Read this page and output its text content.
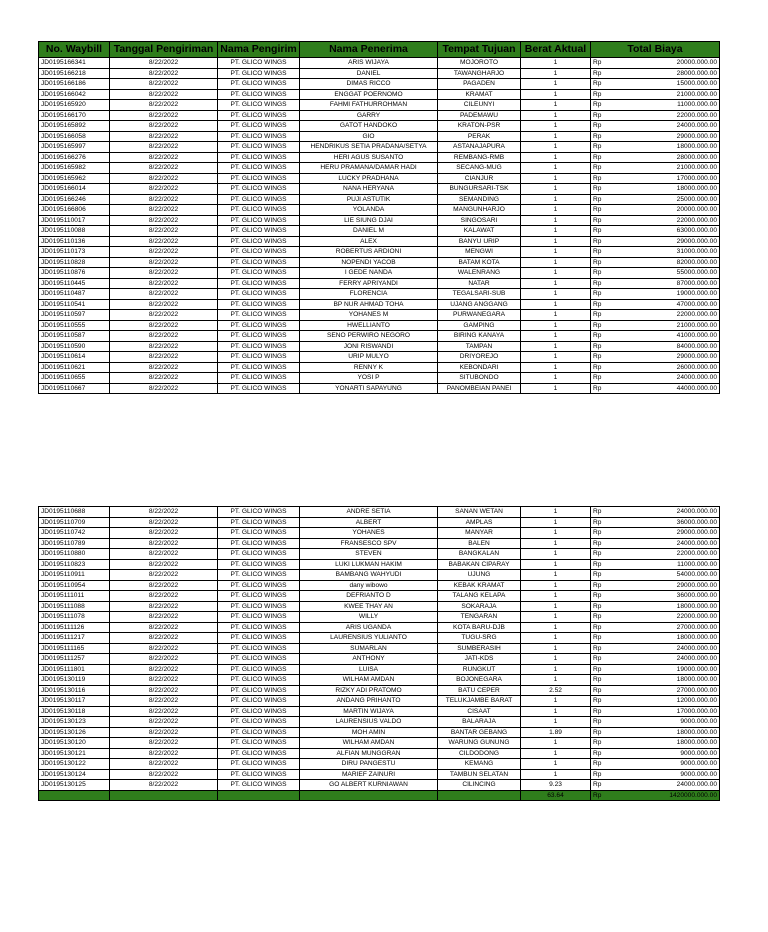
No. Waybill	Tanggal Pengiriman	Nama Pengirim	Nama Penerima	Tempat Tujuan	Berat Aktual	Total Biaya	
JD0195166341	8/22/2022	PT. GLICO WINGS	ARIS WIJAYA	MOJOROTO	1	Rp	20000.000.00
JD0195166218	8/22/2022	PT. GLICO WINGS	DANIEL	TAWANGHARJO	1	Rp	28000.000.00
JD0195166186	8/22/2022	PT. GLICO WINGS	DIMAS RICCO	PAGADEN	1	Rp	15000.000.00
JD0195166042	8/22/2022	PT. GLICO WINGS	ENGGAT POERNOMO	KRAMAT	1	Rp	21000.000.00
JD0195165920	8/22/2022	PT. GLICO WINGS	FAHMI FATHURROHMAN	CILEUNYI	1	Rp	11000.000.00
JD0195166170	8/22/2022	PT. GLICO WINGS	GARRY	PADEMAWU	1	Rp	22000.000.00
JD0195165892	8/22/2022	PT. GLICO WINGS	GATOT HANDOKO	KRATON-PSR	1	Rp	24000.000.00
JD0195166058	8/22/2022	PT. GLICO WINGS	GIO	PERAK	1	Rp	29000.000.00
JD0195165997	8/22/2022	PT. GLICO WINGS	HENDRIKUS SETIA PRADANA/SETYA	ASTANAJAPURA	1	Rp	18000.000.00
JD0195166276	8/22/2022	PT. GLICO WINGS	HERI AGUS SUSANTO	REMBANG-RMB	1	Rp	28000.000.00
JD0195165982	8/22/2022	PT. GLICO WINGS	HERU PRAMANA/DAMAR HADI	SECANG-MUG	1	Rp	21000.000.00
JD0195165962	8/22/2022	PT. GLICO WINGS	LUCKY PRADHANA	CIANJUR	1	Rp	17000.000.00
JD0195166014	8/22/2022	PT. GLICO WINGS	NANA HERYANA	BUNGURSARI-TSK	1	Rp	18000.000.00
JD0195166246	8/22/2022	PT. GLICO WINGS	PUJI ASTUTIK	SEMANDING	1	Rp	25000.000.00
JD0195166806	8/22/2022	PT. GLICO WINGS	YOLANDA	MANGUNHARJO	1	Rp	20000.000.00
JD0195110017	8/22/2022	PT. GLICO WINGS	LIE SIUNG DJAI	SINGOSARI	1	Rp	22000.000.00
JD0195110088	8/22/2022	PT. GLICO WINGS	DANIEL M	KALAWAT	1	Rp	63000.000.00
JD0195110136	8/22/2022	PT. GLICO WINGS	ALEX	BANYU URIP	1	Rp	29000.000.00
JD0195110173	8/22/2022	PT. GLICO WINGS	ROBERTUS ARDIONI	MENGWI	1	Rp	31000.000.00
JD0195110828	8/22/2022	PT. GLICO WINGS	NOPENDI YACOB	BATAM KOTA	1	Rp	82000.000.00
JD0195110876	8/22/2022	PT. GLICO WINGS	I GEDE NANDA	WALENRANG	1	Rp	55000.000.00
JD0195110445	8/22/2022	PT. GLICO WINGS	FERRY APRIYANDI	NATAR	1	Rp	87000.000.00
JD0195110487	8/22/2022	PT. GLICO WINGS	FLORENCIA	TEGALSARI-SUB	1	Rp	19000.000.00
JD0195110541	8/22/2022	PT. GLICO WINGS	BP NUR AHMAD TOHA	UJANG ANGGANG	1	Rp	47000.000.00
JD0195110597	8/22/2022	PT. GLICO WINGS	YOHANES M	PURWANEGARA	1	Rp	22000.000.00
JD0195110555	8/22/2022	PT. GLICO WINGS	HWELLIANTO	GAMPING	1	Rp	21000.000.00
JD0195110587	8/22/2022	PT. GLICO WINGS	SENO PERWIRO NEGORO	BIRING KANAYA	1	Rp	41000.000.00
JD0195110590	8/22/2022	PT. GLICO WINGS	JONI RISWANDI	TAMPAN	1	Rp	84000.000.00
JD0195110614	8/22/2022	PT. GLICO WINGS	URIP MULYO	DRIYOREJO	1	Rp	29000.000.00
JD0195110621	8/22/2022	PT. GLICO WINGS	RENNY K	KEBONDARI	1	Rp	26000.000.00
JD0195110655	8/22/2022	PT. GLICO WINGS	YOSI P	SITUBONDO	1	Rp	24000.000.00
JD0195110667	8/22/2022	PT. GLICO WINGS	YONARTI SAPAYUNG	PANOMBEIAN PANEI	1	Rp	44000.000.00
JD0195110688	8/22/2022	PT. GLICO WINGS	ANDRE SETIA	SANAN WETAN	1	Rp	24000.000.00
JD0195110709	8/22/2022	PT. GLICO WINGS	ALBERT	AMPLAS	1	Rp	36000.000.00
JD0195110742	8/22/2022	PT. GLICO WINGS	YOHANES	MANYAR	1	Rp	29000.000.00
JD0195110789	8/22/2022	PT. GLICO WINGS	FRANSESCO SPV	BALEN	1	Rp	24000.000.00
JD0195110880	8/22/2022	PT. GLICO WINGS	STEVEN	BANGKALAN	1	Rp	22000.000.00
JD0195110823	8/22/2022	PT. GLICO WINGS	LUKI LUKMAN HAKIM	BABAKAN CIPARAY	1	Rp	11000.000.00
JD0195110911	8/22/2022	PT. GLICO WINGS	BAMBANG WAHYUDI	UJUNG	1	Rp	54000.000.00
JD0195110954	8/22/2022	PT. GLICO WINGS	dany wibowo	KEBAK KRAMAT	1	Rp	29000.000.00
JD0195111011	8/22/2022	PT. GLICO WINGS	DEFRIANTO D	TALANG KELAPA	1	Rp	36000.000.00
JD0195111088	8/22/2022	PT. GLICO WINGS	KWEE THAY AN	SOKARAJA	1	Rp	18000.000.00
JD0195111078	8/22/2022	PT. GLICO WINGS	WILLY	TENGARAN	1	Rp	22000.000.00
JD0195111126	8/22/2022	PT. GLICO WINGS	ARIS UGANDA	KOTA BARU-DJB	1	Rp	27000.000.00
JD0195111217	8/22/2022	PT. GLICO WINGS	LAURENSIUS YULIANTO	TUGU-SRG	1	Rp	18000.000.00
JD0195111165	8/22/2022	PT. GLICO WINGS	SUMARLAN	SUMBERASIH	1	Rp	24000.000.00
JD0195111257	8/22/2022	PT. GLICO WINGS	ANTHONY	JATI-KDS	1	Rp	24000.000.00
JD0195111801	8/22/2022	PT. GLICO WINGS	LUISA	RUNGKUT	1	Rp	19000.000.00
JD0195130119	8/22/2022	PT. GLICO WINGS	WILHAM AMDAN	BOJONEGARA	1	Rp	18000.000.00
JD0195130116	8/22/2022	PT. GLICO WINGS	RIZKY ADI PRATOMO	BATU CEPER	2.52	Rp	27000.000.00
JD0195130117	8/22/2022	PT. GLICO WINGS	ANDANG PRIHANTO	TELUKJAMBE BARAT	1	Rp	12000.000.00
JD0195130118	8/22/2022	PT. GLICO WINGS	MARTIN WIJAYA	CISAAT	1	Rp	17000.000.00
JD0195130123	8/22/2022	PT. GLICO WINGS	LAURENSIUS VALDO	BALARAJA	1	Rp	9000.000.00
JD0195130126	8/22/2022	PT. GLICO WINGS	MOH AMIN	BANTAR GEBANG	1.89	Rp	18000.000.00
JD0195130120	8/22/2022	PT. GLICO WINGS	WILHAM AMDAN	WARUNG GUNUNG	1	Rp	18000.000.00
JD0195130121	8/22/2022	PT. GLICO WINGS	ALFIAN MUNGGRAN	CILDODONG	1	Rp	9000.000.00
JD0195130122	8/22/2022	PT. GLICO WINGS	DIRU PANGESTU	KEMANG	1	Rp	9000.000.00
JD0195130124	8/22/2022	PT. GLICO WINGS	MARIEF ZAINURI	TAMBUN SELATAN	1	Rp	9000.000.00
JD0195130125	8/22/2022	PT. GLICO WINGS	GO ALBERT KURNIAWAN	CILINCING	9.23	Rp	24000.000.00
					63.64	Rp	1420000.000.00
